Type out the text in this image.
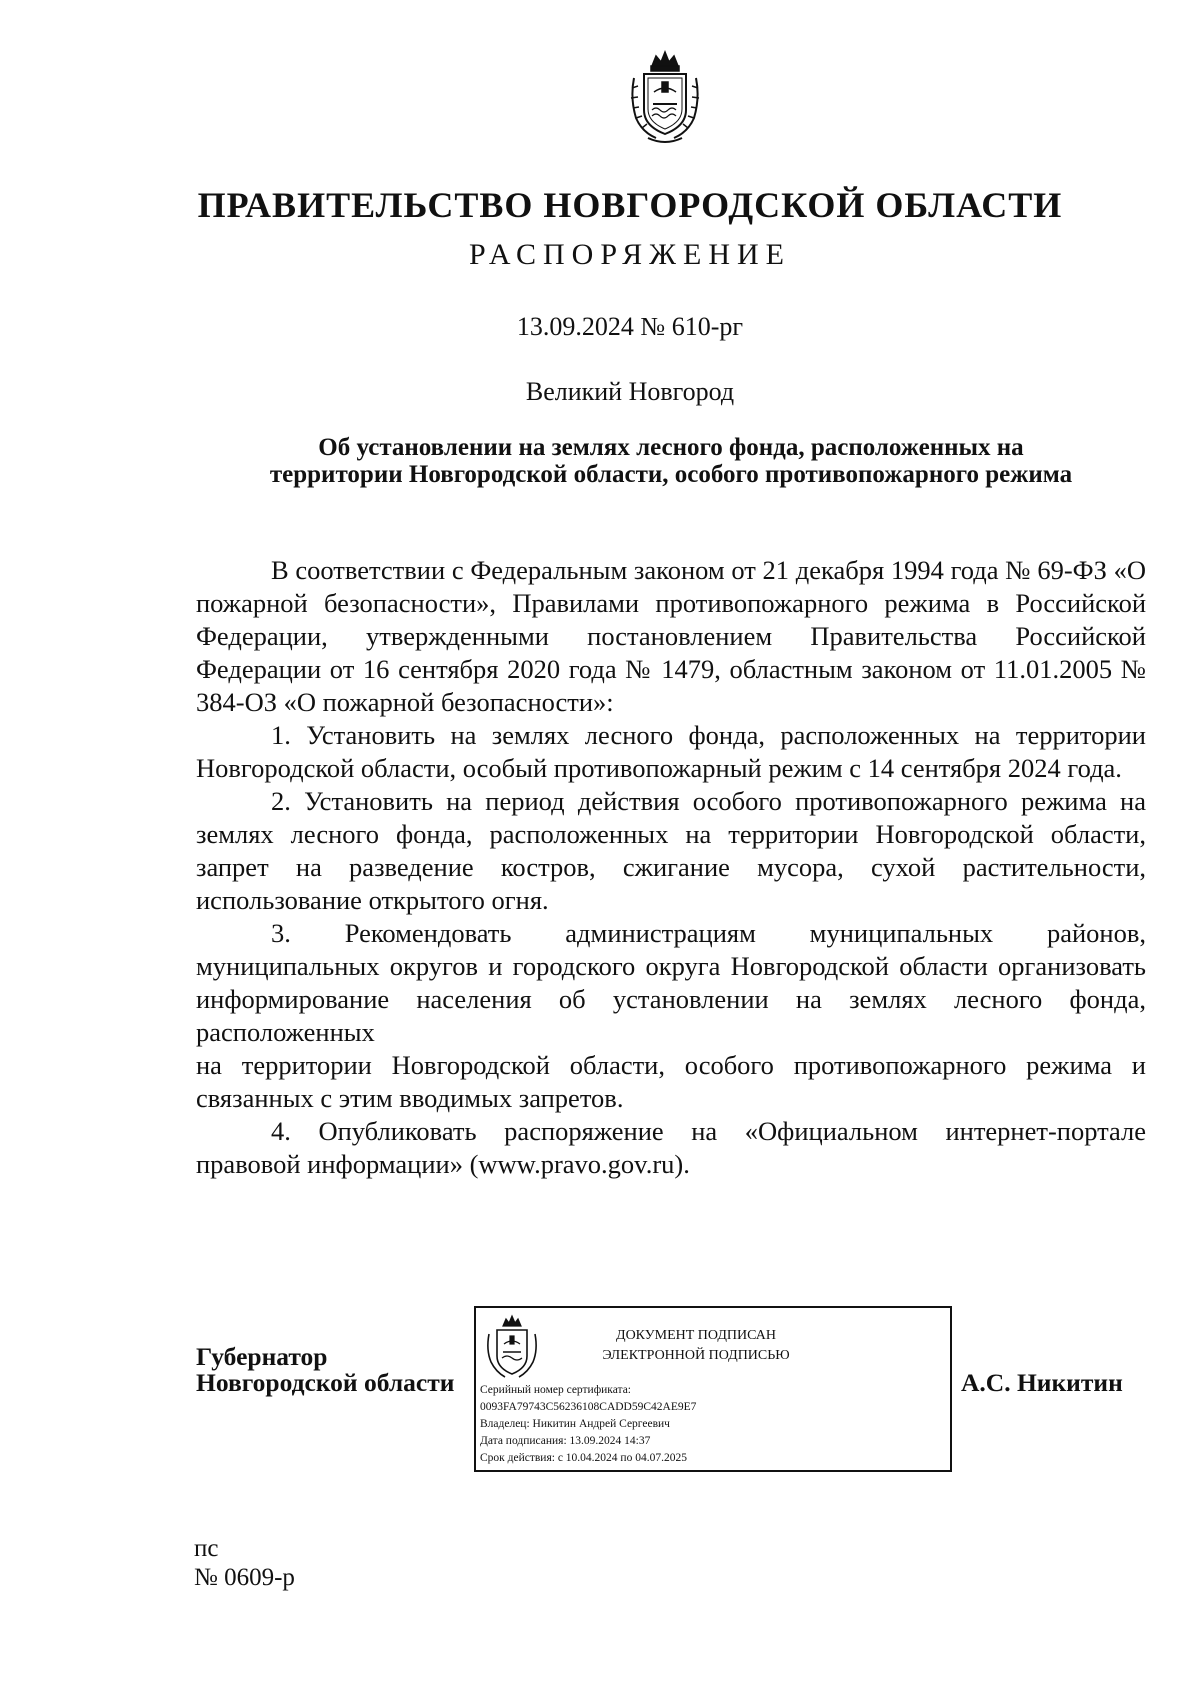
ПРАВИТЕЛЬСТВО НОВГОРОДСКОЙ ОБЛАСТИ
РАСПОРЯЖЕНИЕ
13.09.2024 № 610-рг
Великий Новгород
Об установлении на землях лесного фонда, расположенных на
территории Новгородской области, особого противопожарного режима

В соответствии с Федеральным законом от 21 декабря 1994 года № 69-ФЗ «О пожарной безопасности», Правилами противопожарного режима в Российской Федерации, утвержденными постановлением Правительства Российской Федерации от 16 сентября 2020 года № 1479, областным законом от 11.01.2005 № 384-ОЗ «О пожарной безопасности»:

1. Установить на землях лесного фонда, расположенных на территории Новгородской области, особый противопожарный режим с 14 сентября 2024 года.

2. Установить на период действия особого противопожарного режима на землях лесного фонда, расположенных на территории Новгородской области, запрет на разведение костров, сжигание мусора, сухой растительности, использование открытого огня.

3. Рекомендовать администрациям муниципальных районов, муниципальных округов и городского округа Новгородской области организовать информирование населения об установлении на землях лесного фонда, расположенных

на территории Новгородской области, особого противопожарного режима и связанных с этим вводимых запретов.

4. Опубликовать распоряжение на «Официальном интернет-портале правовой информации» (www.pravo.gov.ru).

Губернатор
Новгородской области
ДОКУМЕНТ ПОДПИСАН
ЭЛЕКТРОННОЙ ПОДПИСЬЮ
Серийный номер сертификата:
0093FA79743C56236108CADD59C42AE9E7
Владелец: Никитин Андрей Сергеевич
Дата подписания: 13.09.2024 14:37
Срок действия: с 10.04.2024 по 04.07.2025
А.С. Никитин
пс
№ 0609-р
